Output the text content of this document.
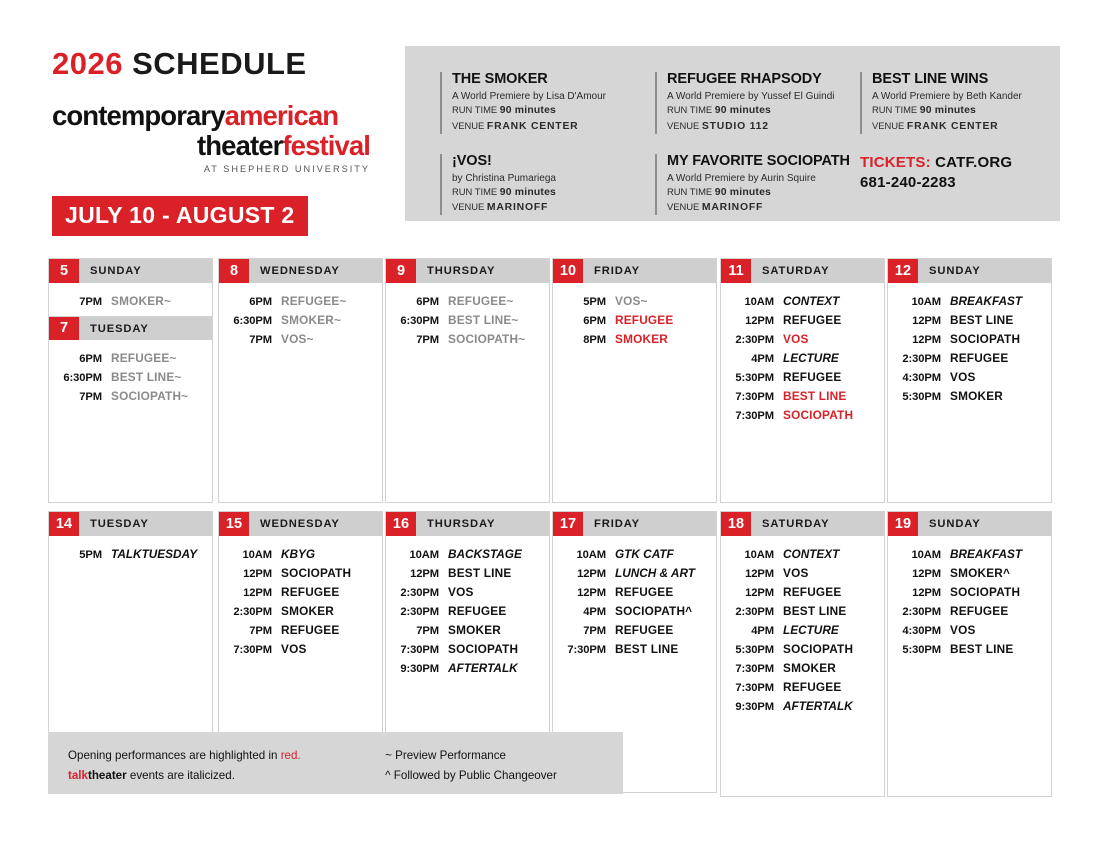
2026 SCHEDULE
contemporaryamerican
theaterfestival
AT SHEPHERD UNIVERSITY
JULY 10 - AUGUST 2
THE SMOKER
A World Premiere by Lisa D'Amour
RUN TIME 90 minutes
VENUE FRANK CENTER
¡VOS!
by Christina Pumariega
RUN TIME 90 minutes
VENUE MARINOFF
REFUGEE RHAPSODY
A World Premiere by Yussef El Guindi
RUN TIME 90 minutes
VENUE STUDIO 112
MY FAVORITE SOCIOPATH
A World Premiere by Aurin Squire
RUN TIME 90 minutes
VENUE MARINOFF
BEST LINE WINS
A World Premiere by Beth Kander
RUN TIME 90 minutes
VENUE FRANK CENTER
TICKETS: CATF.ORG
681-240-2283
5	SUNDAY
7PM SMOKER~
7	TUESDAY
6PM REFUGEE~
6:30PM BEST LINE~
7PM SOCIOPATH~
8	WEDNESDAY
6PM REFUGEE~
6:30PM SMOKER~
7PM VOS~
9	THURSDAY
6PM REFUGEE~
6:30PM BEST LINE~
7PM SOCIOPATH~
10	FRIDAY
5PM VOS~
6PM REFUGEE
8PM SMOKER
11	SATURDAY
10AM CONTEXT
12PM REFUGEE
2:30PM VOS
4PM LECTURE
5:30PM REFUGEE
7:30PM BEST LINE
7:30PM SOCIOPATH
12	SUNDAY
10AM BREAKFAST
12PM BEST LINE
12PM SOCIOPATH
2:30PM REFUGEE
4:30PM VOS
5:30PM SMOKER
14	TUESDAY
5PM TALKTUESDAY
15	WEDNESDAY
10AM KBYG
12PM SOCIOPATH
12PM REFUGEE
2:30PM SMOKER
7PM REFUGEE
7:30PM VOS
16	THURSDAY
10AM BACKSTAGE
12PM BEST LINE
2:30PM VOS
2:30PM REFUGEE
7PM SMOKER
7:30PM SOCIOPATH
9:30PM AFTERTALK
17	FRIDAY
10AM GTK CATF
12PM LUNCH & ART
12PM REFUGEE
4PM SOCIOPATH^
7PM REFUGEE
7:30PM BEST LINE
18	SATURDAY
10AM CONTEXT
12PM VOS
12PM REFUGEE
2:30PM BEST LINE
4PM LECTURE
5:30PM SOCIOPATH
7:30PM SMOKER
7:30PM REFUGEE
9:30PM AFTERTALK
19	SUNDAY
10AM BREAKFAST
12PM SMOKER^
12PM SOCIOPATH
2:30PM REFUGEE
4:30PM VOS
5:30PM BEST LINE
Opening performances are highlighted in red.
talktheater events are italicized.
~ Preview Performance
^ Followed by Public Changeover
